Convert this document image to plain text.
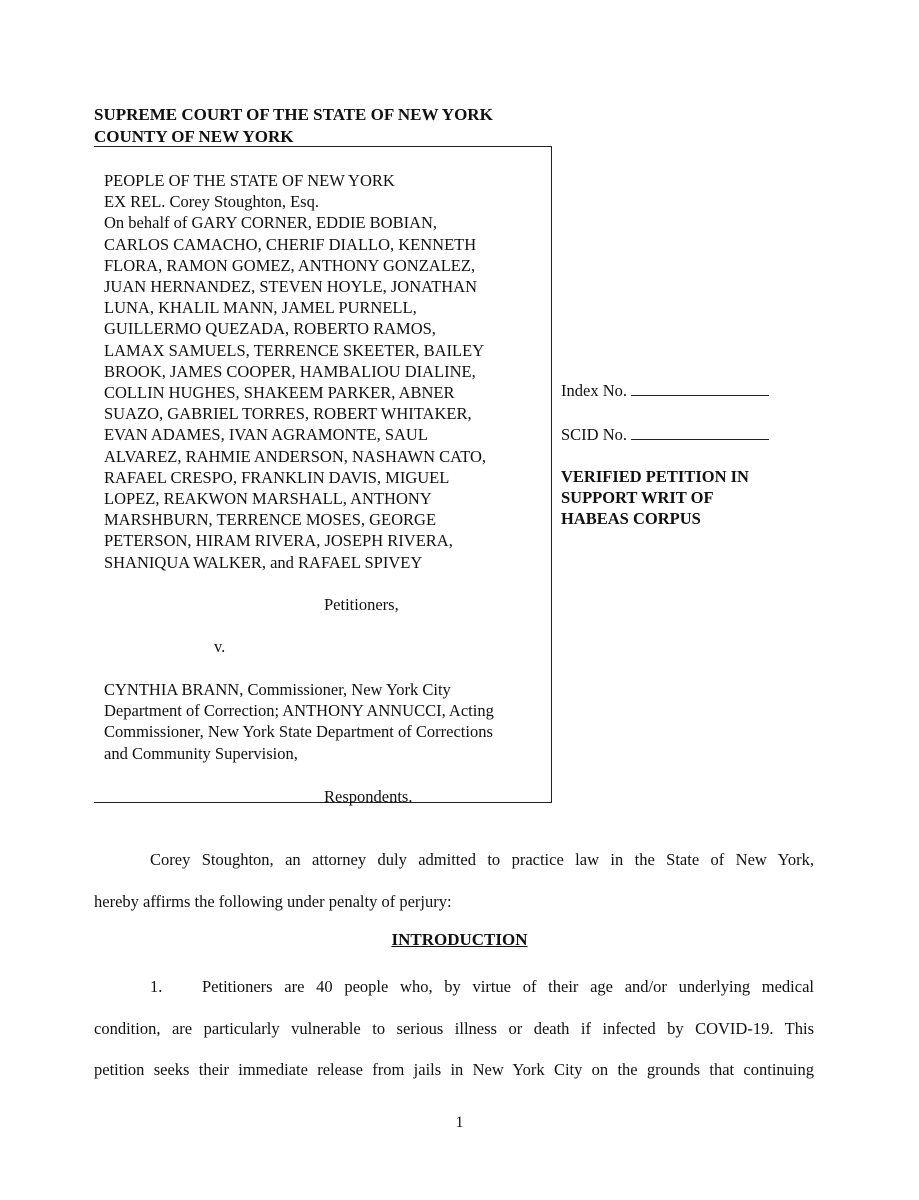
SUPREME COURT OF THE STATE OF NEW YORK
COUNTY OF NEW YORK
PEOPLE OF THE STATE OF NEW YORK
EX REL. Corey Stoughton, Esq.
On behalf of GARY CORNER, EDDIE BOBIAN,
CARLOS CAMACHO, CHERIF DIALLO, KENNETH
FLORA, RAMON GOMEZ, ANTHONY GONZALEZ,
JUAN HERNANDEZ, STEVEN HOYLE, JONATHAN
LUNA, KHALIL MANN, JAMEL PURNELL,
GUILLERMO QUEZADA, ROBERTO RAMOS,
LAMAX SAMUELS, TERRENCE SKEETER, BAILEY
BROOK, JAMES COOPER, HAMBALIOU DIALINE,
COLLIN HUGHES, SHAKEEM PARKER, ABNER
SUAZO, GABRIEL TORRES, ROBERT WHITAKER,
EVAN ADAMES, IVAN AGRAMONTE, SAUL
ALVAREZ, RAHMIE ANDERSON, NASHAWN CATO,
RAFAEL CRESPO, FRANKLIN DAVIS, MIGUEL
LOPEZ, REAKWON MARSHALL, ANTHONY
MARSHBURN, TERRENCE MOSES, GEORGE
PETERSON, HIRAM RIVERA, JOSEPH RIVERA,
SHANIQUA WALKER, and RAFAEL SPIVEY
Petitioners,
v.
CYNTHIA BRANN, Commissioner, New York City
Department of Correction; ANTHONY ANNUCCI, Acting
Commissioner, New York State Department of Corrections
and Community Supervision,
Respondents.
Index No.
SCID No.
VERIFIED PETITION IN
SUPPORT WRIT OF
HABEAS CORPUS
Corey Stoughton, an attorney duly admitted to practice law in the State of New York,
hereby affirms the following under penalty of perjury:
INTRODUCTION
1. Petitioners are 40 people who, by virtue of their age and/or underlying medical
condition, are particularly vulnerable to serious illness or death if infected by COVID-19. This
petition seeks their immediate release from jails in New York City on the grounds that continuing
1
